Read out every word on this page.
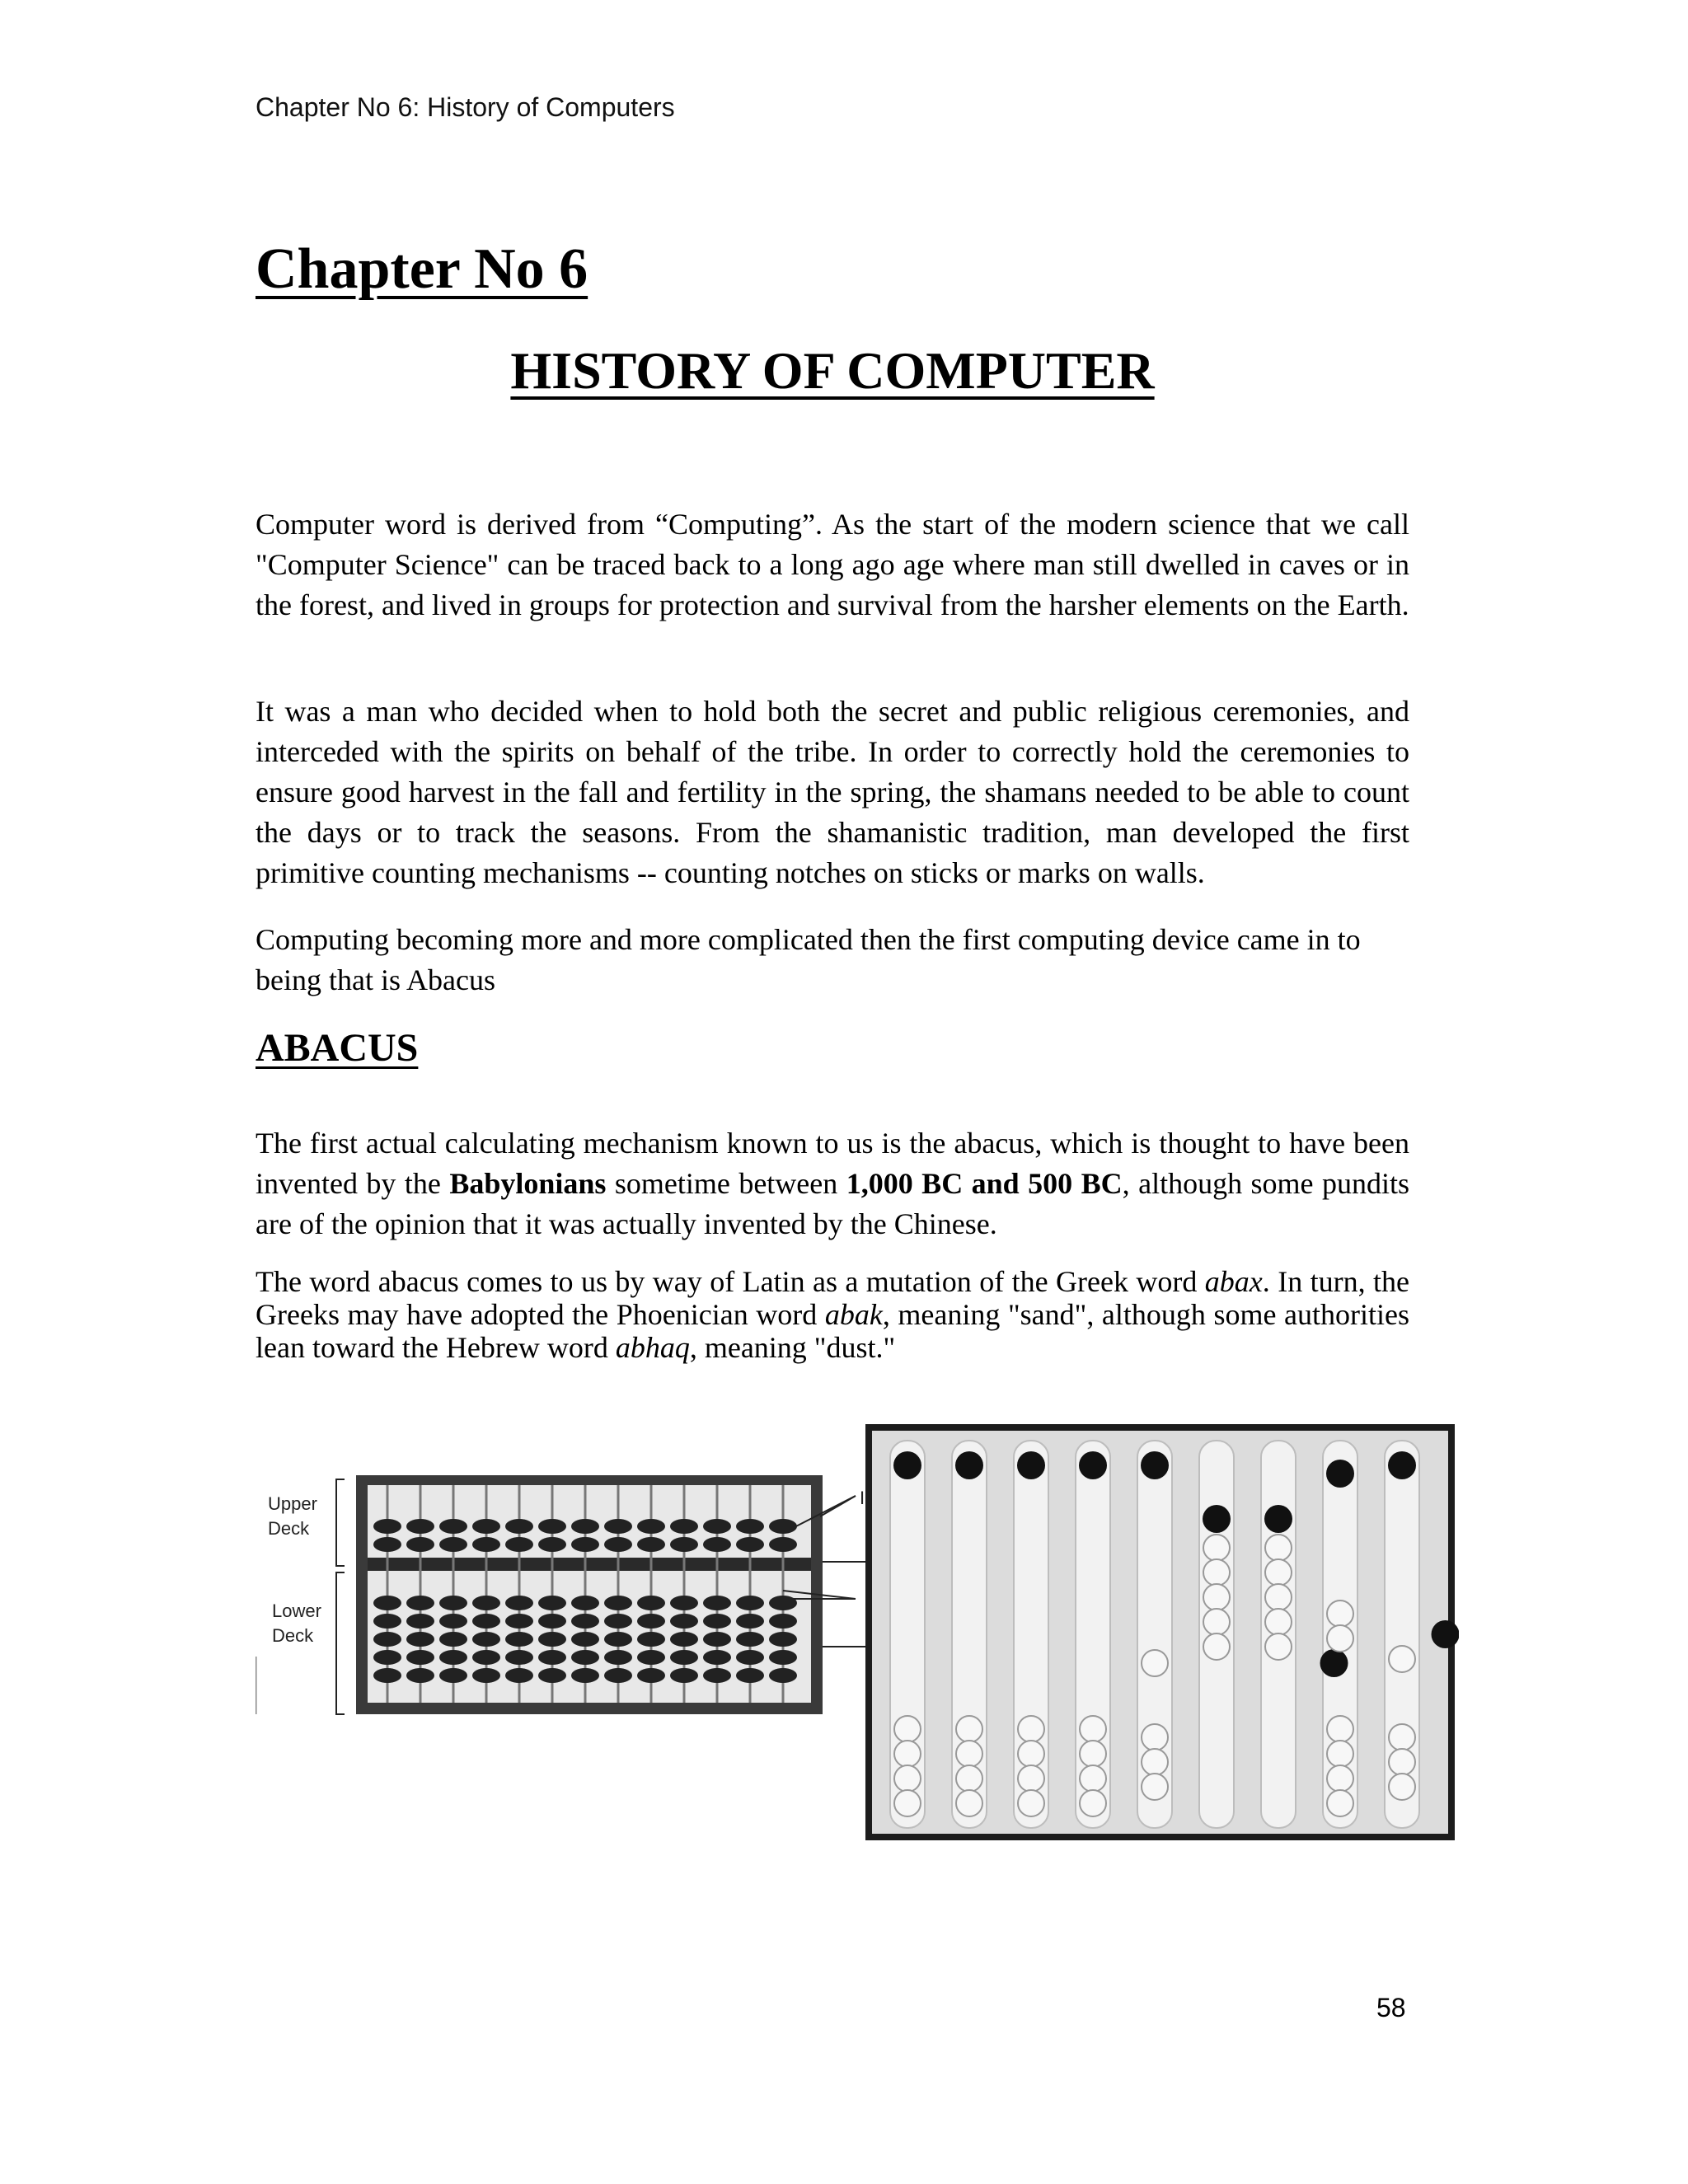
Chapter No 6: History of Computers
Chapter No 6
HISTORY OF COMPUTER

Computer word is derived from “Computing”. As the start of the modern science that we call "Computer Science" can be traced back to a long ago age where man still dwelled in caves or in the forest, and lived in groups for protection and survival from the harsher elements on the Earth.

It was a man who decided when to hold both the secret and public religious ceremonies, and interceded with the spirits on behalf of the tribe. In order to correctly hold the ceremonies to ensure good harvest in the fall and fertility in the spring, the shamans needed to be able to count the days or to track the seasons. From the shamanistic tradition, man developed the first primitive counting mechanisms -- counting notches on sticks or marks on walls.

Computing becoming more and more complicated then the first computing device came in to being that is Abacus

ABACUS

The first actual calculating mechanism known to us is the abacus, which is thought to have been invented by the Babylonians sometime between 1,000 BC and 500 BC, although some pundits are of the opinion that it was actually invented by the Chinese.

The word abacus comes to us by way of Latin as a mutation of the Greek word abax. In turn, the Greeks may have adopted the Phoenician word abak, meaning "sand", although some authorities lean toward the Hebrew word abhaq, meaning "dust."

Upper
Deck
Lower
Deck
I
58
